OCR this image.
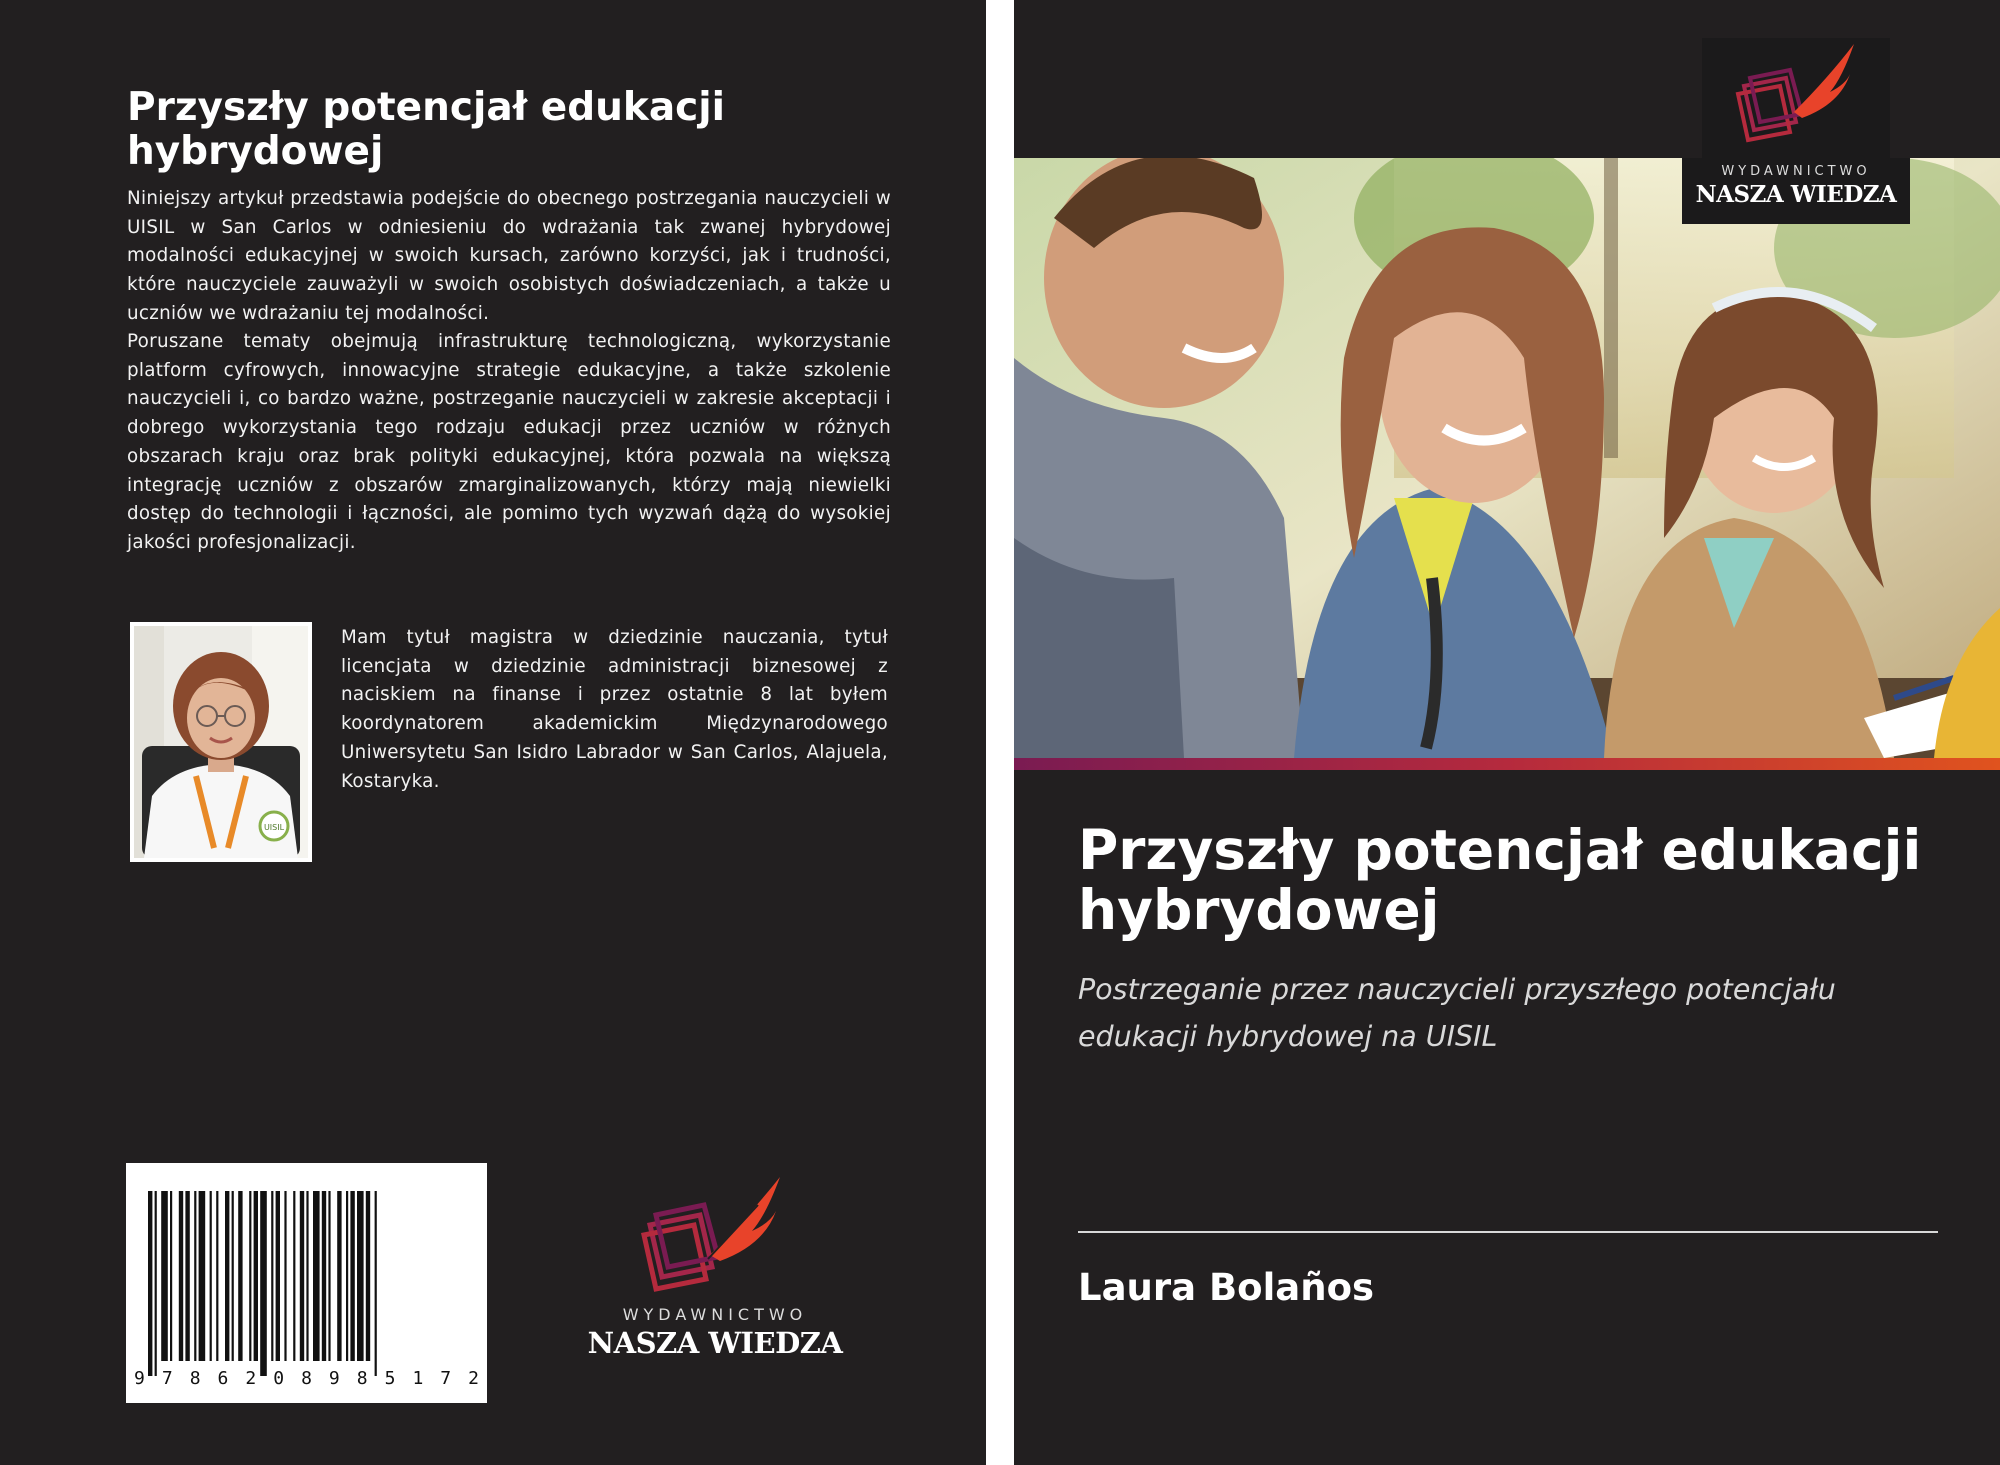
Przyszły potencjał edukacji hybrydowej

Niniejszy artykuł przedstawia podejście do obecnego postrzegania nauczycieli w UISIL w San Carlos w odniesieniu do wdrażania tak zwanej hybrydowej modalności edukacyjnej w swoich kursach, zarówno korzyści, jak i trudności, które nauczyciele zauważyli w swoich osobistych doświadczeniach, a także u uczniów we wdrażaniu tej modalności.

Poruszane tematy obejmują infrastrukturę technologiczną, wykorzystanie platform cyfrowych, innowacyjne strategie edukacyjne, a także szkolenie nauczycieli i, co bardzo ważne, postrzeganie nauczycieli w zakresie akceptacji i dobrego wykorzystania tego rodzaju edukacji przez uczniów w różnych obszarach kraju oraz brak polityki edukacyjnej, która pozwala na większą integrację uczniów z obszarów zmarginalizowanych, którzy mają niewielki dostęp do technologii i łączności, ale pomimo tych wyzwań dążą do wysokiej jakości profesjonalizacji.

UISIL

Mam tytuł magistra w dziedzinie nauczania, tytuł licencjata w dziedzinie administracji biznesowej z naciskiem na finanse i przez ostatnie 8 lat byłem koordynatorem akademickim Międzynarodowego Uniwersytetu San Isidro Labrador w San Carlos, Alajuela, Kostaryka.

9 7 8 6 2 0 8 9 8 5 1 7 2
WYDAWNICTWO
NASZA WIEDZA
WYDAWNICTWO
NASZA WIEDZA
Przyszły potencjał edukacji hybrydowej

Postrzeganie przez nauczycieli przyszłego potencjału edukacji hybrydowej na UISIL

Laura Bolaños
